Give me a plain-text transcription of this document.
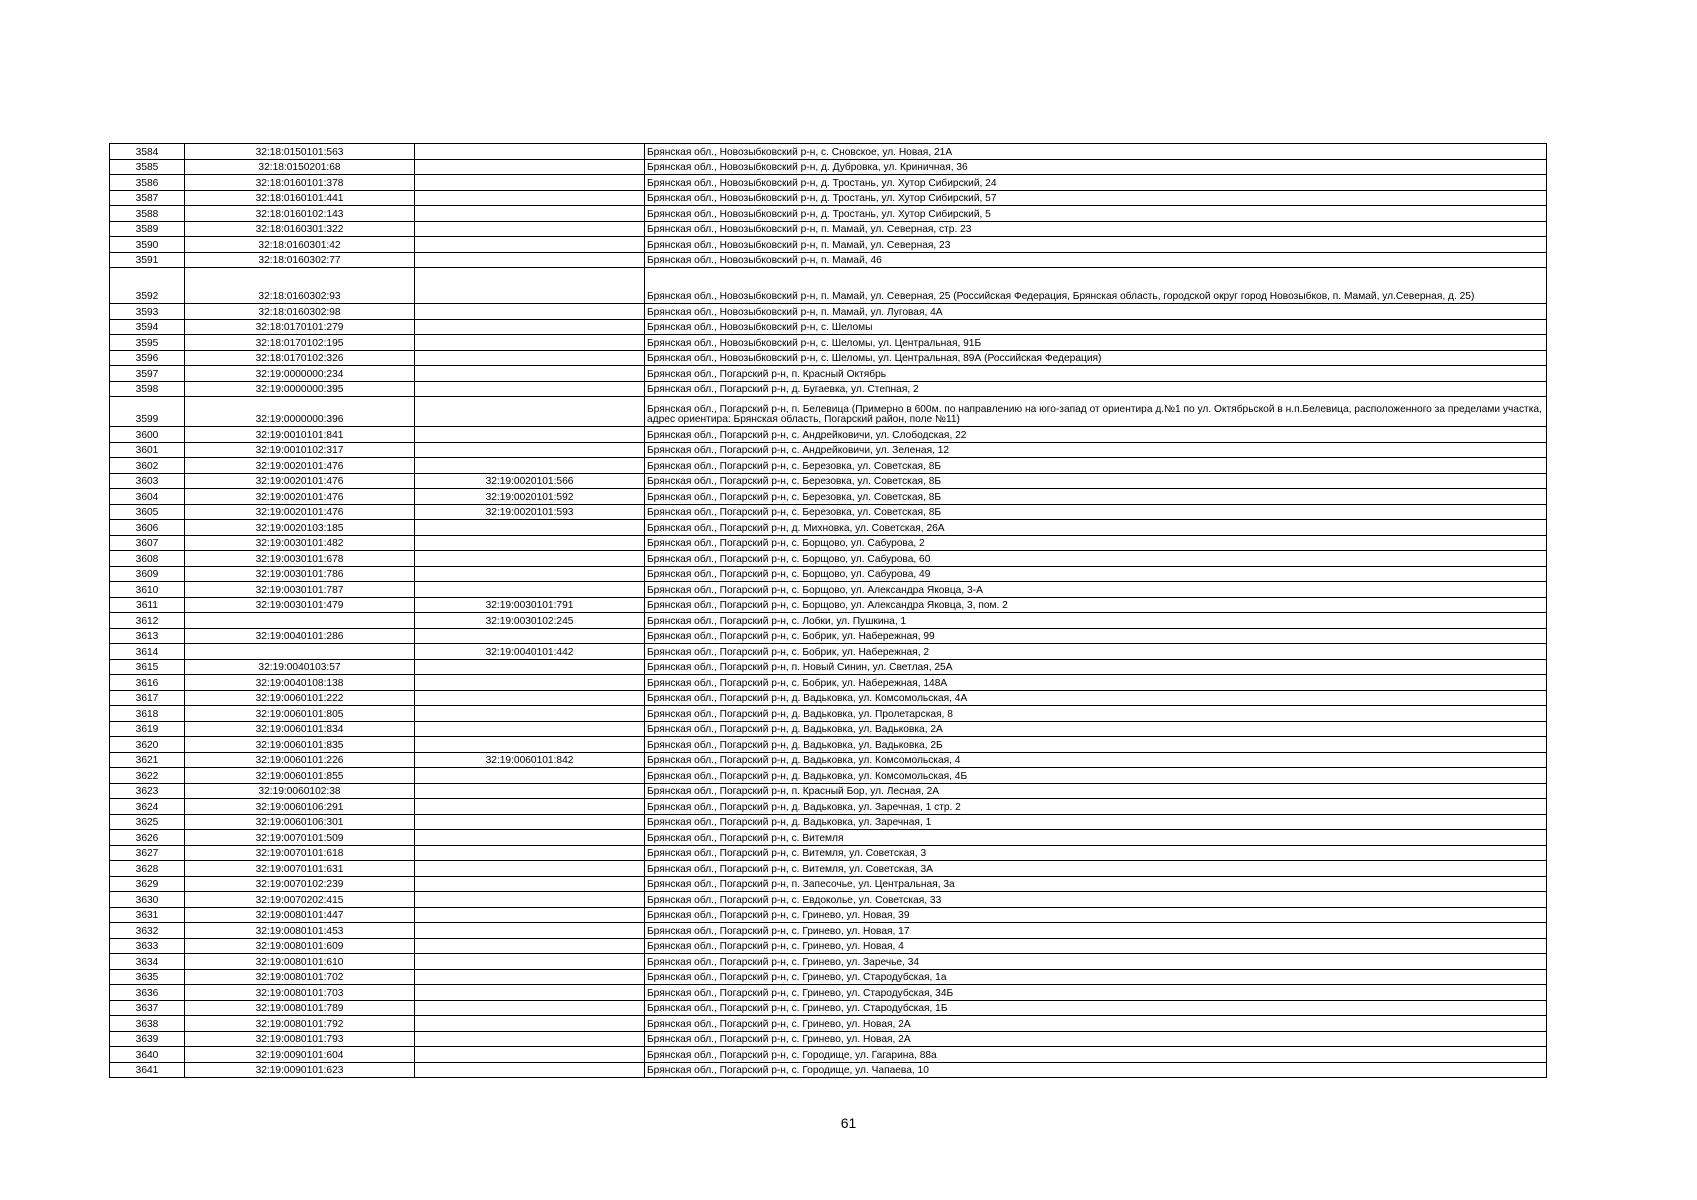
3584	32:18:0150101:563		Брянская обл., Новозыбковский р-н, с. Сновское, ул. Новая, 21А
3585	32:18:0150201:68		Брянская обл., Новозыбковский р-н, д. Дубровка, ул. Криничная, 36
3586	32:18:0160101:378		Брянская обл., Новозыбковский р-н, д. Тростань, ул. Хутор Сибирский, 24
3587	32:18:0160101:441		Брянская обл., Новозыбковский р-н, д. Тростань, ул. Хутор Сибирский, 57
3588	32:18:0160102:143		Брянская обл., Новозыбковский р-н, д. Тростань, ул. Хутор Сибирский, 5
3589	32:18:0160301:322		Брянская обл., Новозыбковский р-н, п. Мамай, ул. Северная, стр. 23
3590	32:18:0160301:42		Брянская обл., Новозыбковский р-н, п. Мамай, ул. Северная, 23
3591	32:18:0160302:77		Брянская обл., Новозыбковский р-н, п. Мамай, 46
3592	32:18:0160302:93		Брянская обл., Новозыбковский р-н, п. Мамай, ул. Северная, 25 (Российская Федерация, Брянская область, городской округ город Новозыбков, п. Мамай, ул.Северная, д. 25)
3593	32:18:0160302:98		Брянская обл., Новозыбковский р-н, п. Мамай, ул. Луговая, 4А
3594	32:18:0170101:279		Брянская обл., Новозыбковский р-н, с. Шеломы
3595	32:18:0170102:195		Брянская обл., Новозыбковский р-н, с. Шеломы, ул. Центральная, 91Б
3596	32:18:0170102:326		Брянская обл., Новозыбковский р-н, с. Шеломы, ул. Центральная, 89А (Российская Федерация)
3597	32:19:0000000:234		Брянская обл., Погарский р-н, п. Красный Октябрь
3598	32:19:0000000:395		Брянская обл., Погарский р-н, д. Бугаевка, ул. Степная, 2
3599	32:19:0000000:396		Брянская обл., Погарский р-н, п. Белевица (Примерно в 600м. по направлению на юго-запад от ориентира д.№1 по ул. Октябрьской в н.п.Белевица, расположенного за пределами участка, адрес ориентира: Брянская область, Погарский район, поле №11)
3600	32:19:0010101:841		Брянская обл., Погарский р-н, с. Андрейковичи, ул. Слободская, 22
3601	32:19:0010102:317		Брянская обл., Погарский р-н, с. Андрейковичи, ул. Зеленая, 12
3602	32:19:0020101:476		Брянская обл., Погарский р-н, с. Березовка, ул. Советская, 8Б
3603	32:19:0020101:476	32:19:0020101:566	Брянская обл., Погарский р-н, с. Березовка, ул. Советская, 8Б
3604	32:19:0020101:476	32:19:0020101:592	Брянская обл., Погарский р-н, с. Березовка, ул. Советская, 8Б
3605	32:19:0020101:476	32:19:0020101:593	Брянская обл., Погарский р-н, с. Березовка, ул. Советская, 8Б
3606	32:19:0020103:185		Брянская обл., Погарский р-н, д. Михновка, ул. Советская, 26А
3607	32:19:0030101:482		Брянская обл., Погарский р-н, с. Борщово, ул. Сабурова, 2
3608	32:19:0030101:678		Брянская обл., Погарский р-н, с. Борщово, ул. Сабурова, 60
3609	32:19:0030101:786		Брянская обл., Погарский р-н, с. Борщово, ул. Сабурова, 49
3610	32:19:0030101:787		Брянская обл., Погарский р-н, с. Борщово, ул. Александра Яковца, 3-А
3611	32:19:0030101:479	32:19:0030101:791	Брянская обл., Погарский р-н, с. Борщово, ул. Александра Яковца, 3, пом. 2
3612		32:19:0030102:245	Брянская обл., Погарский р-н, с. Лобки, ул. Пушкина, 1
3613	32:19:0040101:286		Брянская обл., Погарский р-н, с. Бобрик, ул. Набережная, 99
3614		32:19:0040101:442	Брянская обл., Погарский р-н, с. Бобрик, ул. Набережная, 2
3615	32:19:0040103:57		Брянская обл., Погарский р-н, п. Новый Синин, ул. Светлая, 25А
3616	32:19:0040108:138		Брянская обл., Погарский р-н, с. Бобрик, ул. Набережная, 148А
3617	32:19:0060101:222		Брянская обл., Погарский р-н, д. Вадьковка, ул. Комсомольская, 4А
3618	32:19:0060101:805		Брянская обл., Погарский р-н, д. Вадьковка, ул. Пролетарская, 8
3619	32:19:0060101:834		Брянская обл., Погарский р-н, д. Вадьковка, ул. Вадьковка, 2А
3620	32:19:0060101:835		Брянская обл., Погарский р-н, д. Вадьковка, ул. Вадьковка, 2Б
3621	32:19:0060101:226	32:19:0060101:842	Брянская обл., Погарский р-н, д. Вадьковка, ул. Комсомольская, 4
3622	32:19:0060101:855		Брянская обл., Погарский р-н, д. Вадьковка, ул. Комсомольская, 4Б
3623	32:19:0060102:38		Брянская обл., Погарский р-н, п. Красный Бор, ул. Лесная, 2А
3624	32:19:0060106:291		Брянская обл., Погарский р-н, д. Вадьковка, ул. Заречная, 1 стр. 2
3625	32:19:0060106:301		Брянская обл., Погарский р-н, д. Вадьковка, ул. Заречная, 1
3626	32:19:0070101:509		Брянская обл., Погарский р-н, с. Витемля
3627	32:19:0070101:618		Брянская обл., Погарский р-н, с. Витемля, ул. Советская, 3
3628	32:19:0070101:631		Брянская обл., Погарский р-н, с. Витемля, ул. Советская, 3А
3629	32:19:0070102:239		Брянская обл., Погарский р-н, п. Запесочье, ул. Центральная, 3а
3630	32:19:0070202:415		Брянская обл., Погарский р-н, с. Евдоколье, ул. Советская, 33
3631	32:19:0080101:447		Брянская обл., Погарский р-н, с. Гринево, ул. Новая, 39
3632	32:19:0080101:453		Брянская обл., Погарский р-н, с. Гринево, ул. Новая, 17
3633	32:19:0080101:609		Брянская обл., Погарский р-н, с. Гринево, ул. Новая, 4
3634	32:19:0080101:610		Брянская обл., Погарский р-н, с. Гринево, ул. Заречье, 34
3635	32:19:0080101:702		Брянская обл., Погарский р-н, с. Гринево, ул. Стародубская, 1а
3636	32:19:0080101:703		Брянская обл., Погарский р-н, с. Гринево, ул. Стародубская, 34Б
3637	32:19:0080101:789		Брянская обл., Погарский р-н, с. Гринево, ул. Стародубская, 1Б
3638	32:19:0080101:792		Брянская обл., Погарский р-н, с. Гринево, ул. Новая, 2А
3639	32:19:0080101:793		Брянская обл., Погарский р-н, с. Гринево, ул. Новая, 2А
3640	32:19:0090101:604		Брянская обл., Погарский р-н, с. Городище, ул. Гагарина, 88а
3641	32:19:0090101:623		Брянская обл., Погарский р-н, с. Городище, ул. Чапаева, 10
61
